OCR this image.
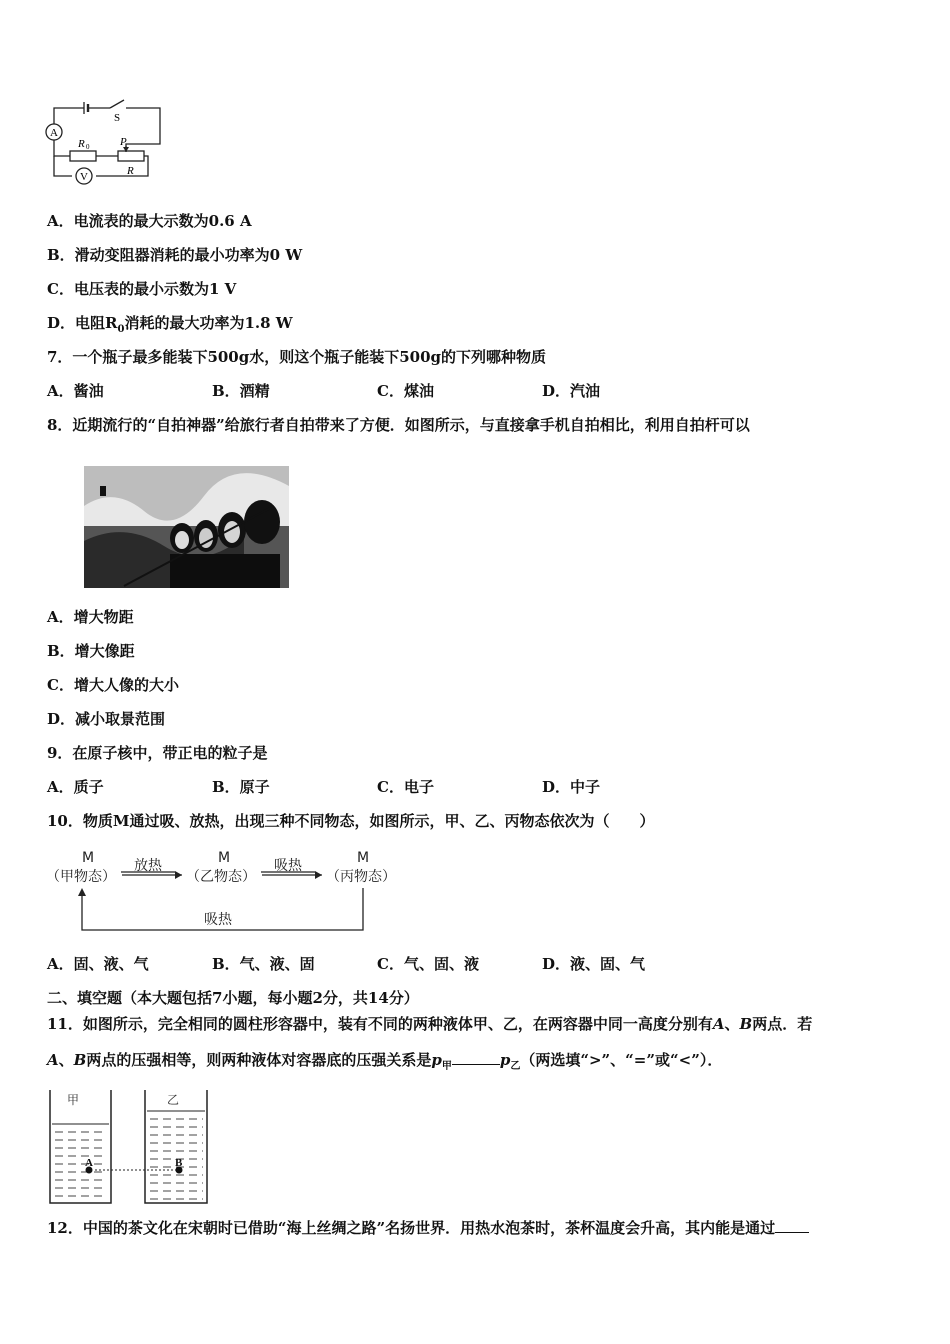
A
V
S
R 0	P
R
A．电流表的最大示数为0.6 A
B．滑动变阻器消耗的最小功率为0 W
C．电压表的最小示数为1 V
D．电阻$R_0$消耗的最大功率为1.8 W
7．一个瓶子最多能装下500g水，则这个瓶子能装下500g的下列哪种物质
A．酱油	B．酒精	C．煤油	D．汽油
8．近期流行的“自拍神器”给旅行者自拍带来了方便．如图所示，与直接拿手机自拍相比，利用自拍杆可以
A．增大物距
B．增大像距
C．增大人像的大小
D．减小取景范围
9．在原子核中，带正电的粒子是
A．质子	B．原子	C．电子	D．中子
10．物质M通过吸、放热，出现三种不同物态，如图所示，甲、乙、丙物态依次为（　　）
M	M	M
（甲物态）	（乙物态）	（丙物态）
放热	吸热
吸热
A．固、液、气	B．气、液、固	C．气、固、液	D．液、固、气
二、填空题（本大题包括7小题，每小题2分，共14分）
11．如图所示，完全相同的圆柱形容器中，装有不同的两种液体甲、乙，在两容器中同一高度分别有A、B两点．若
A、B两点的压强相等，则两种液体对容器底的压强关系是$p_甲$	$p_乙$（两选填“>”、“=”或“<”）．
甲	乙
A	B
12．中国的茶文化在宋朝时已借助“海上丝绸之路”名扬世界．用热水泡茶时，茶杯温度会升高，其内能是通过
